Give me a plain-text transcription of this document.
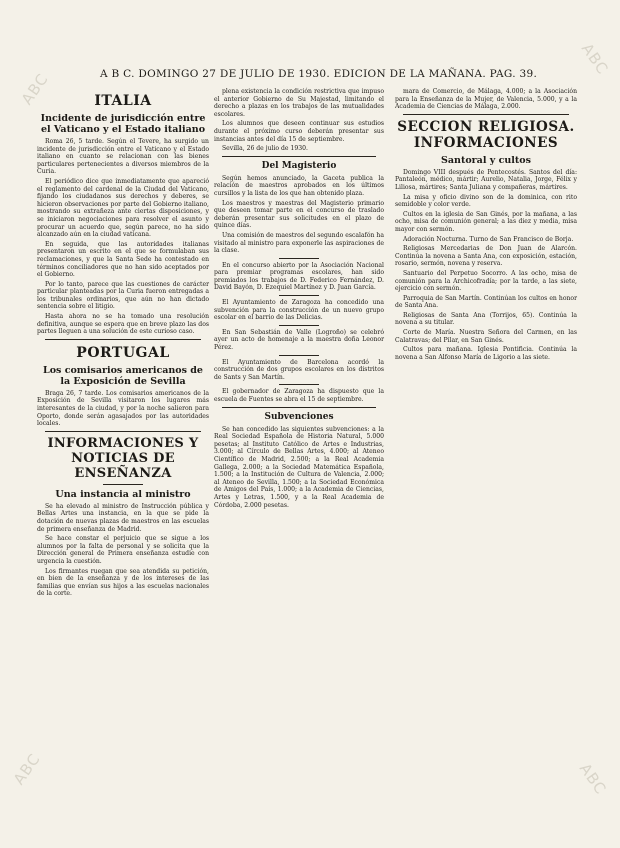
ABC
ABC
ABC	ABC
A B C. DOMINGO 27 DE JULIO DE 1930. EDICION DE LA MAÑANA. PAG. 39.
ITALIA
Incidente de jurisdicción entre el Vaticano y el Estado italiano

Roma 26, 5 tarde. Según el Tevere, ha surgido un incidente de jurisdicción entre el Vaticano y el Estado italiano en cuanto se relacionan con las bienes particulares pertenecientes a diversos miembros de la Curia.

El periódico dice que inmediatamente que apareció el reglamento del cardenal de la Ciudad del Vaticano, fijando los ciudadanos sus derechos y deberes, se hicieron observaciones por parte del Gobierno italiano, mostrando su extrañeza ante ciertas disposiciones, y se iniciaron negociaciones para resolver el asunto y procurar un acuerdo que, según parece, no ha sido alcanzado aún en la ciudad vaticana.

En seguida, que las autoridades italianas presentaron un escrito en el que se formulaban sus reclamaciones, y que la Santa Sede ha contestado en términos conciliadores que no han sido aceptados por el Gobierno.

Por lo tanto, parece que las cuestiones de carácter particular planteadas por la Curia fueron entregadas a los tribunales ordinarios, que aún no han dictado sentencia sobre el litigio.

Hasta ahora no se ha tomado una resolución definitiva, aunque se espera que en breve plazo las dos partes lleguen a una solución de este curioso caso.

PORTUGAL
Los comisarios americanos de la Exposición de Sevilla

Braga 26, 7 tarde. Los comisarios americanos de la Exposición de Sevilla visitaron los lugares más interesantes de la ciudad, y por la noche salieron para Oporto, donde serán agasajados por las autoridades locales.

INFORMACIONES Y NOTICIAS DE ENSEÑANZA
Una instancia al ministro

Se ha elevado al ministro de Instrucción pública y Bellas Artes una instancia, en la que se pide la dotación de nuevas plazas de maestros en las escuelas de primera enseñanza de Madrid.

Se hace constar el perjuicio que se sigue a los alumnos por la falta de personal y se solicita que la Dirección general de Primera enseñanza estudie con urgencia la cuestión.

Los firmantes ruegan que sea atendida su petición, en bien de la enseñanza y de los intereses de las familias que envían sus hijos a las escuelas nacionales de la corte.

plena existencia la condición restrictiva que impuso el anterior Gobierno de Su Majestad, limitando el derecho a plazas en los trabajos de las mutualidades escolares.

Los alumnos que deseen continuar sus estudios durante el próximo curso deberán presentar sus instancias antes del día 15 de septiembre.

Sevilla, 26 de julio de 1930.

Del Magisterio

Según hemos anunciado, la Gaceta publica la relación de maestros aprobados en los últimos cursillos y la lista de los que han obtenido plaza.

Los maestros y maestras del Magisterio primario que deseen tomar parte en el concurso de traslado deberán presentar sus solicitudes en el plazo de quince días.

Una comisión de maestros del segundo escalafón ha visitado al ministro para exponerle las aspiraciones de la clase.

En el concurso abierto por la Asociación Nacional para premiar programas escolares, han sido premiados los trabajos de D. Federico Fernández, D. David Bayón, D. Ezequiel Martínez y D. Juan García.

El Ayuntamiento de Zaragoza ha concedido una subvención para la construcción de un nuevo grupo escolar en el barrio de las Delicias.

En San Sebastián de Valle (Logroño) se celebró ayer un acto de homenaje a la maestra doña Leonor Pérez.

El Ayuntamiento de Barcelona acordó la construcción de dos grupos escolares en los distritos de Sants y San Martín.

El gobernador de Zaragoza ha dispuesto que la escuela de Fuentes se abra el 15 de septiembre.

Subvenciones

Se han concedido las siguientes subvenciones: a la Real Sociedad Española de Historia Natural, 5.000 pesetas; al Instituto Católico de Artes e Industrias, 3.000; al Círculo de Bellas Artes, 4.000; al Ateneo Científico de Madrid, 2.500; a la Real Academia Gallega, 2.000; a la Sociedad Matemática Española, 1.500; a la Institución de Cultura de Valencia, 2.000; al Ateneo de Sevilla, 1.500; a la Sociedad Económica de Amigos del País, 1.000; a la Academia de Ciencias, Artes y Letras, 1.500, y a la Real Academia de Córdoba, 2.000 pesetas.

mara de Comercio, de Málaga, 4.000; a la Asociación para la Enseñanza de la Mujer, de Valencia, 5.000, y a la Academia de Ciencias de Málaga, 2.000.

SECCION RELIGIOSA. INFORMACIONES
Santoral y cultos

Domingo VIII después de Pentecostés. Santos del día: Pantaleón, médico, mártir; Aurelio, Natalia, Jorge, Félix y Liliosa, mártires; Santa Juliana y compañeras, mártires.

La misa y oficio divino son de la dominica, con rito semidoble y color verde.

Cultos en la iglesia de San Ginés, por la mañana, a las ocho, misa de comunión general; a las diez y media, misa mayor con sermón.

Adoración Nocturna. Turno de San Francisco de Borja.

Religiosas Mercedarias de Don Juan de Alarcón. Continúa la novena a Santa Ana, con exposición, estación, rosario, sermón, novena y reserva.

Santuario del Perpetuo Socorro. A las ocho, misa de comunión para la Archicofradía; por la tarde, a las siete, ejercicio con sermón.

Parroquia de San Martín. Continúan los cultos en honor de Santa Ana.

Religiosas de Santa Ana (Torrijos, 65). Continúa la novena a su titular.

Corte de María. Nuestra Señora del Carmen, en las Calatravas; del Pilar, en San Ginés.

Cultos para mañana. Iglesia Pontificia. Continúa la novena a San Alfonso María de Ligorio a las siete.
